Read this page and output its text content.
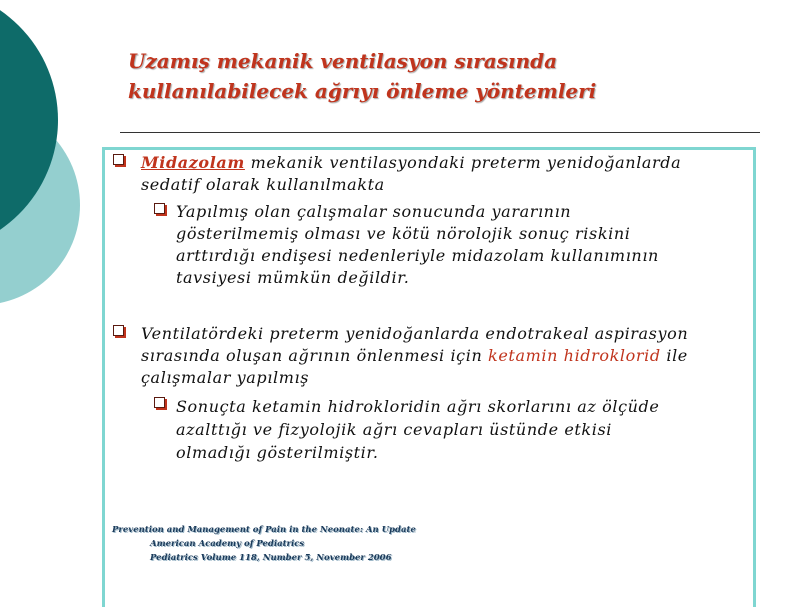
Uzamış mekanik ventilasyon sırasında
kullanılabilecek ağrıyı önleme yöntemleri
Midazolam mekanik ventilasyondaki preterm yenidoğanlarda
sedatif olarak kullanılmakta
Yapılmış olan çalışmalar sonucunda yararının
gösterilmemiş olması ve kötü nörolojik sonuç riskini
arttırdığı endişesi nedenleriyle midazolam kullanımının
tavsiyesi mümkün değildir.
Ventilatördeki preterm yenidoğanlarda endotrakeal aspirasyon
sırasında oluşan ağrının önlenmesi için ketamin hidroklorid ile
çalışmalar yapılmış
Sonuçta ketamin hidrokloridin ağrı skorlarını az ölçüde
azalttığı ve fizyolojik ağrı cevapları üstünde etkisi
olmadığı gösterilmiştir.
Prevention and Management of Pain in the Neonate: An Update
American Academy of Pediatrics
Pediatrics Volume 118, Number 5, November 2006
